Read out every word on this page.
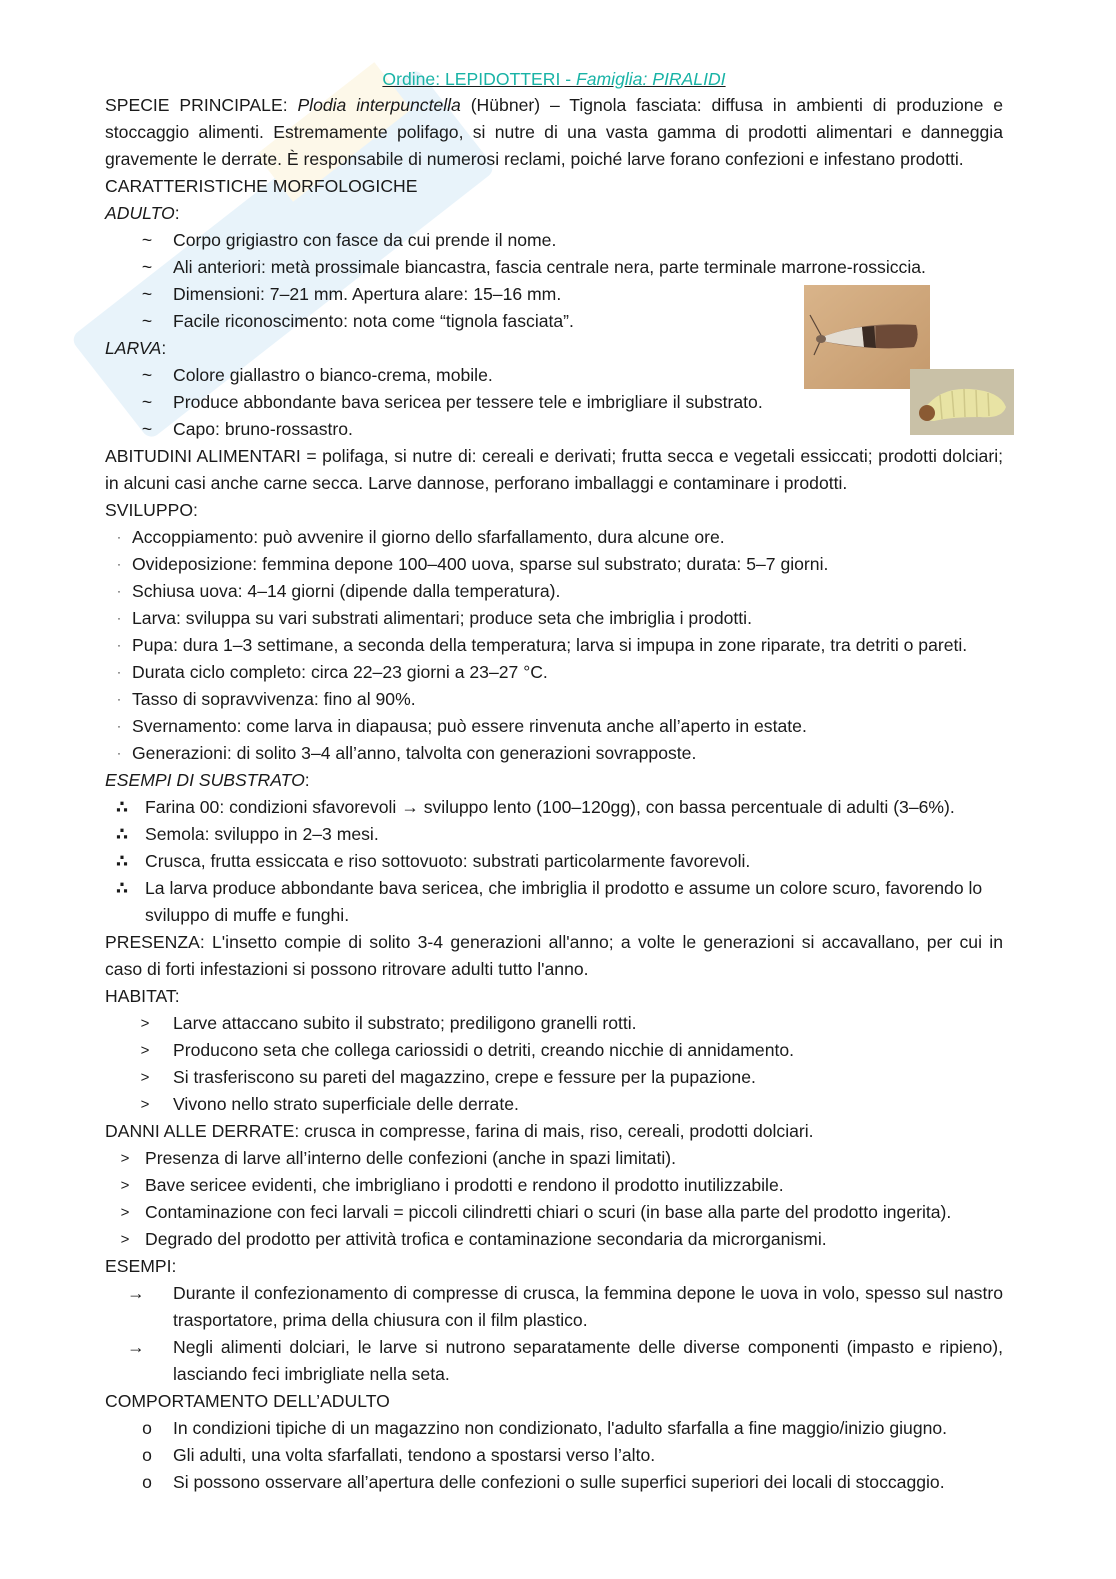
Ordine: LEPIDOTTERI - Famiglia: PIRALIDI

SPECIE PRINCIPALE: Plodia interpunctella (Hübner) – Tignola fasciata: diffusa in ambienti di produzione e stoccaggio alimenti. Estremamente polifago, si nutre di una vasta gamma di prodotti alimentari e danneggia gravemente le derrate. È responsabile di numerosi reclami, poiché larve forano confezioni e infestano prodotti.

CARATTERISTICHE MORFOLOGICHE

ADULTO:

~ Corpo grigiastro con fasce da cui prende il nome.
~ Ali anteriori: metà prossimale biancastra, fascia centrale nera, parte terminale marrone-rossiccia.
~ Dimensioni: 7–21 mm. Apertura alare: 15–16 mm.
~ Facile riconoscimento: nota come “tignola fasciata”.

LARVA:

~ Colore giallastro o bianco-crema, mobile.
~ Produce abbondante bava sericea per tessere tele e imbrigliare il substrato.
~ Capo: bruno-rossastro.

ABITUDINI ALIMENTARI = polifaga, si nutre di: cereali e derivati; frutta secca e vegetali essiccati; prodotti dolciari; in alcuni casi anche carne secca. Larve dannose, perforano imballaggi e contaminare i prodotti.

SVILUPPO:

· Accoppiamento: può avvenire il giorno dello sfarfallamento, dura alcune ore.
· Ovideposizione: femmina depone 100–400 uova, sparse sul substrato; durata: 5–7 giorni.
· Schiusa uova: 4–14 giorni (dipende dalla temperatura).
· Larva: sviluppa su vari substrati alimentari; produce seta che imbriglia i prodotti.
· Pupa: dura 1–3 settimane, a seconda della temperatura; larva si impupa in zone riparate, tra detriti o pareti.
· Durata ciclo completo: circa 22–23 giorni a 23–27 °C.
· Tasso di sopravvivenza: fino al 90%.
· Svernamento: come larva in diapausa; può essere rinvenuta anche all’aperto in estate.
· Generazioni: di solito 3–4 all’anno, talvolta con generazioni sovrapposte.

ESEMPI DI SUBSTRATO:

∴ Farina 00: condizioni sfavorevoli → sviluppo lento (100–120gg), con bassa percentuale di adulti (3–6%).
∴ Semola: sviluppo in 2–3 mesi.
∴ Crusca, frutta essiccata e riso sottovuoto: substrati particolarmente favorevoli.
∴ La larva produce abbondante bava sericea, che imbriglia il prodotto e assume un colore scuro, favorendo lo sviluppo di muffe e funghi.

PRESENZA: L'insetto compie di solito 3-4 generazioni all'anno; a volte le generazioni si accavallano, per cui in caso di forti infestazioni si possono ritrovare adulti tutto l'anno.

HABITAT:

>	Larve attaccano subito il substrato; prediligono granelli rotti.
>	Producono seta che collega cariossidi o detriti, creando nicchie di annidamento.
>	Si trasferiscono su pareti del magazzino, crepe e fessure per la pupazione.
>	Vivono nello strato superficiale delle derrate.

DANNI ALLE DERRATE: crusca in compresse, farina di mais, riso, cereali, prodotti dolciari.

> Presenza di larve all’interno delle confezioni (anche in spazi limitati).
> Bave sericee evidenti, che imbrigliano i prodotti e rendono il prodotto inutilizzabile.
> Contaminazione con feci larvali = piccoli cilindretti chiari o scuri (in base alla parte del prodotto ingerita).
> Degrado del prodotto per attività trofica e contaminazione secondaria da microrganismi.

ESEMPI:

→	Durante il confezionamento di compresse di crusca, la femmina depone le uova in volo, spesso sul nastro trasportatore, prima della chiusura con il film plastico.
→	Negli alimenti dolciari, le larve si nutrono separatamente delle diverse componenti (impasto e ripieno), lasciando feci imbrigliate nella seta.

COMPORTAMENTO DELL’ADULTO

o In condizioni tipiche di un magazzino non condizionato, l'adulto sfarfalla a fine maggio/inizio giugno.
o Gli adulti, una volta sfarfallati, tendono a spostarsi verso l’alto.
o Si possono osservare all’apertura delle confezioni o sulle superfici superiori dei locali di stoccaggio.
